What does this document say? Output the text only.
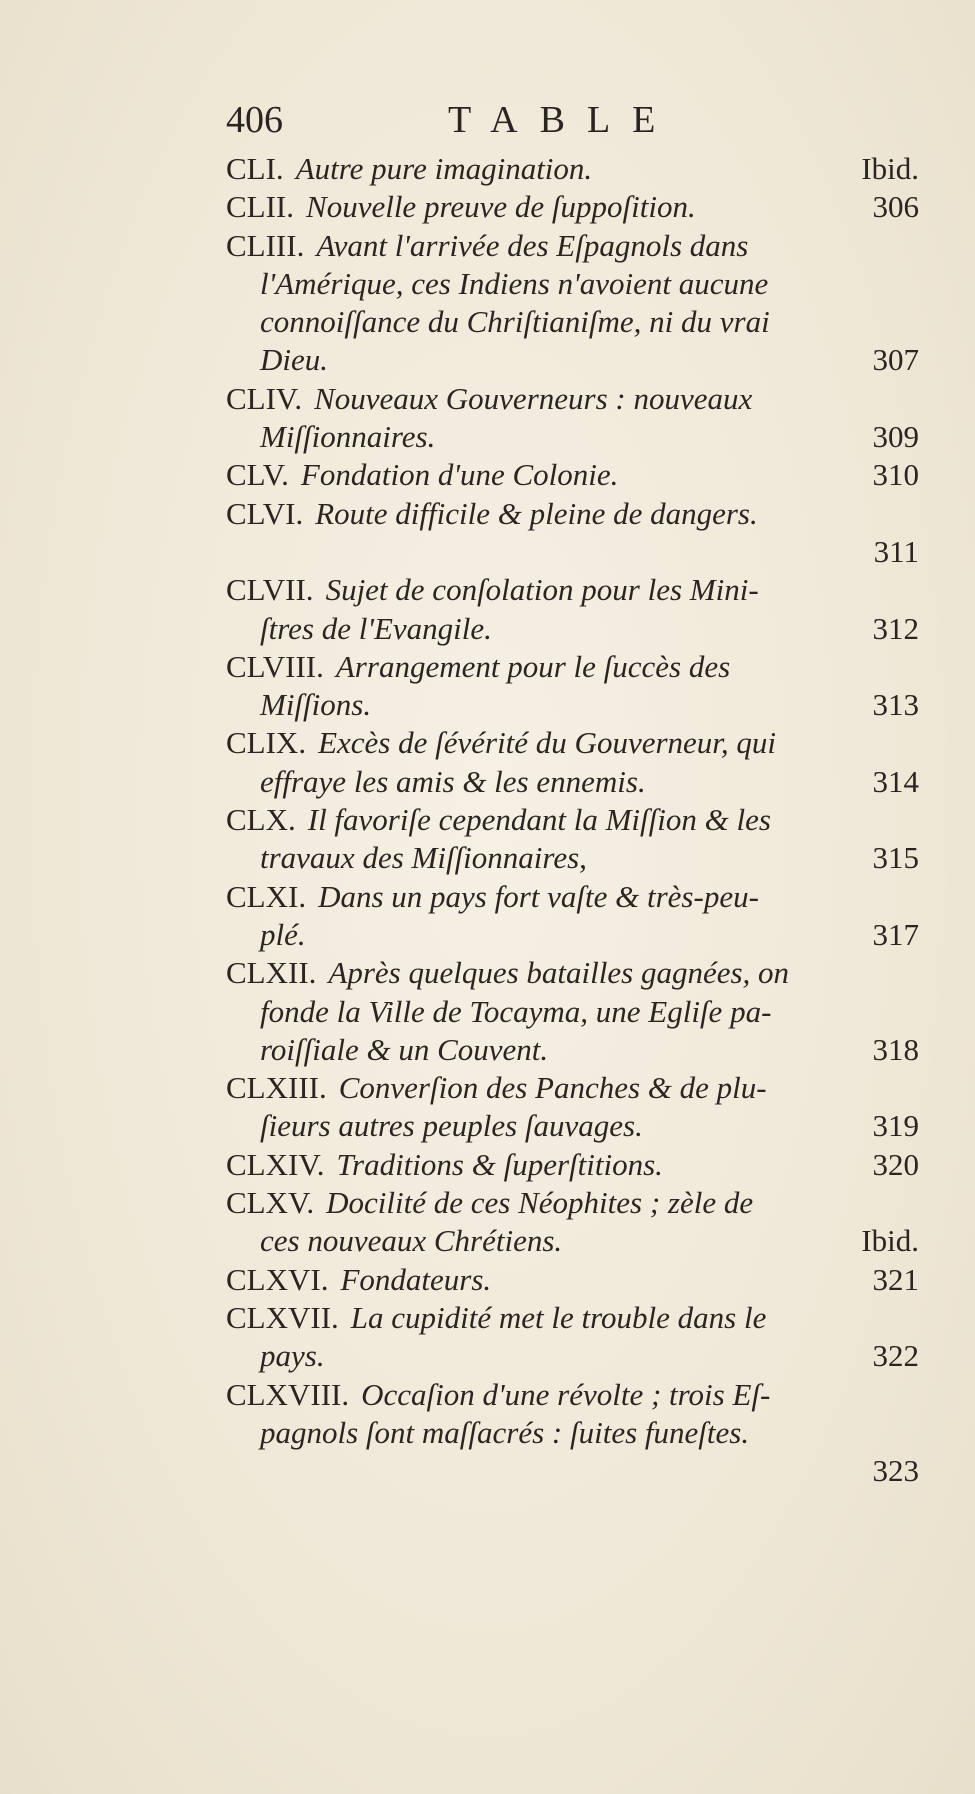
406	TABLE
CLI. Autre pure imagination.	Ibid.
CLII. Nouvelle preuve de ſuppoſition.	306
CLIII. Avant l'arrivée des Eſpagnols dans
l'Amérique, ces Indiens n'avoient aucune
connoiſſance du Chriſtianiſme, ni du vrai
Dieu.	307
CLIV. Nouveaux Gouverneurs : nouveaux
Miſſionnaires.	309
CLV. Fondation d'une Colonie.	310
CLVI. Route difficile & pleine de dangers.
311
CLVII. Sujet de conſolation pour les Mini-
ſtres de l'Evangile.	312
CLVIII. Arrangement pour le ſuccès des
Miſſions.	313
CLIX. Excès de ſévérité du Gouverneur, qui
effraye les amis & les ennemis.	314
CLX. Il favoriſe cependant la Miſſion & les
travaux des Miſſionnaires,	315
CLXI. Dans un pays fort vaſte & très-peu-
plé.	317
CLXII. Après quelques batailles gagnées, on
fonde la Ville de Tocayma, une Egliſe pa-
roiſſiale & un Couvent.	318
CLXIII. Converſion des Panches & de plu-
ſieurs autres peuples ſauvages.	319
CLXIV. Traditions & ſuperſtitions.	320
CLXV. Docilité de ces Néophites ; zèle de
ces nouveaux Chrétiens.	Ibid.
CLXVI. Fondateurs.	321
CLXVII. La cupidité met le trouble dans le
pays.	322
CLXVIII. Occaſion d'une révolte ; trois Eſ-
pagnols ſont maſſacrés : ſuites funeſtes.
323
